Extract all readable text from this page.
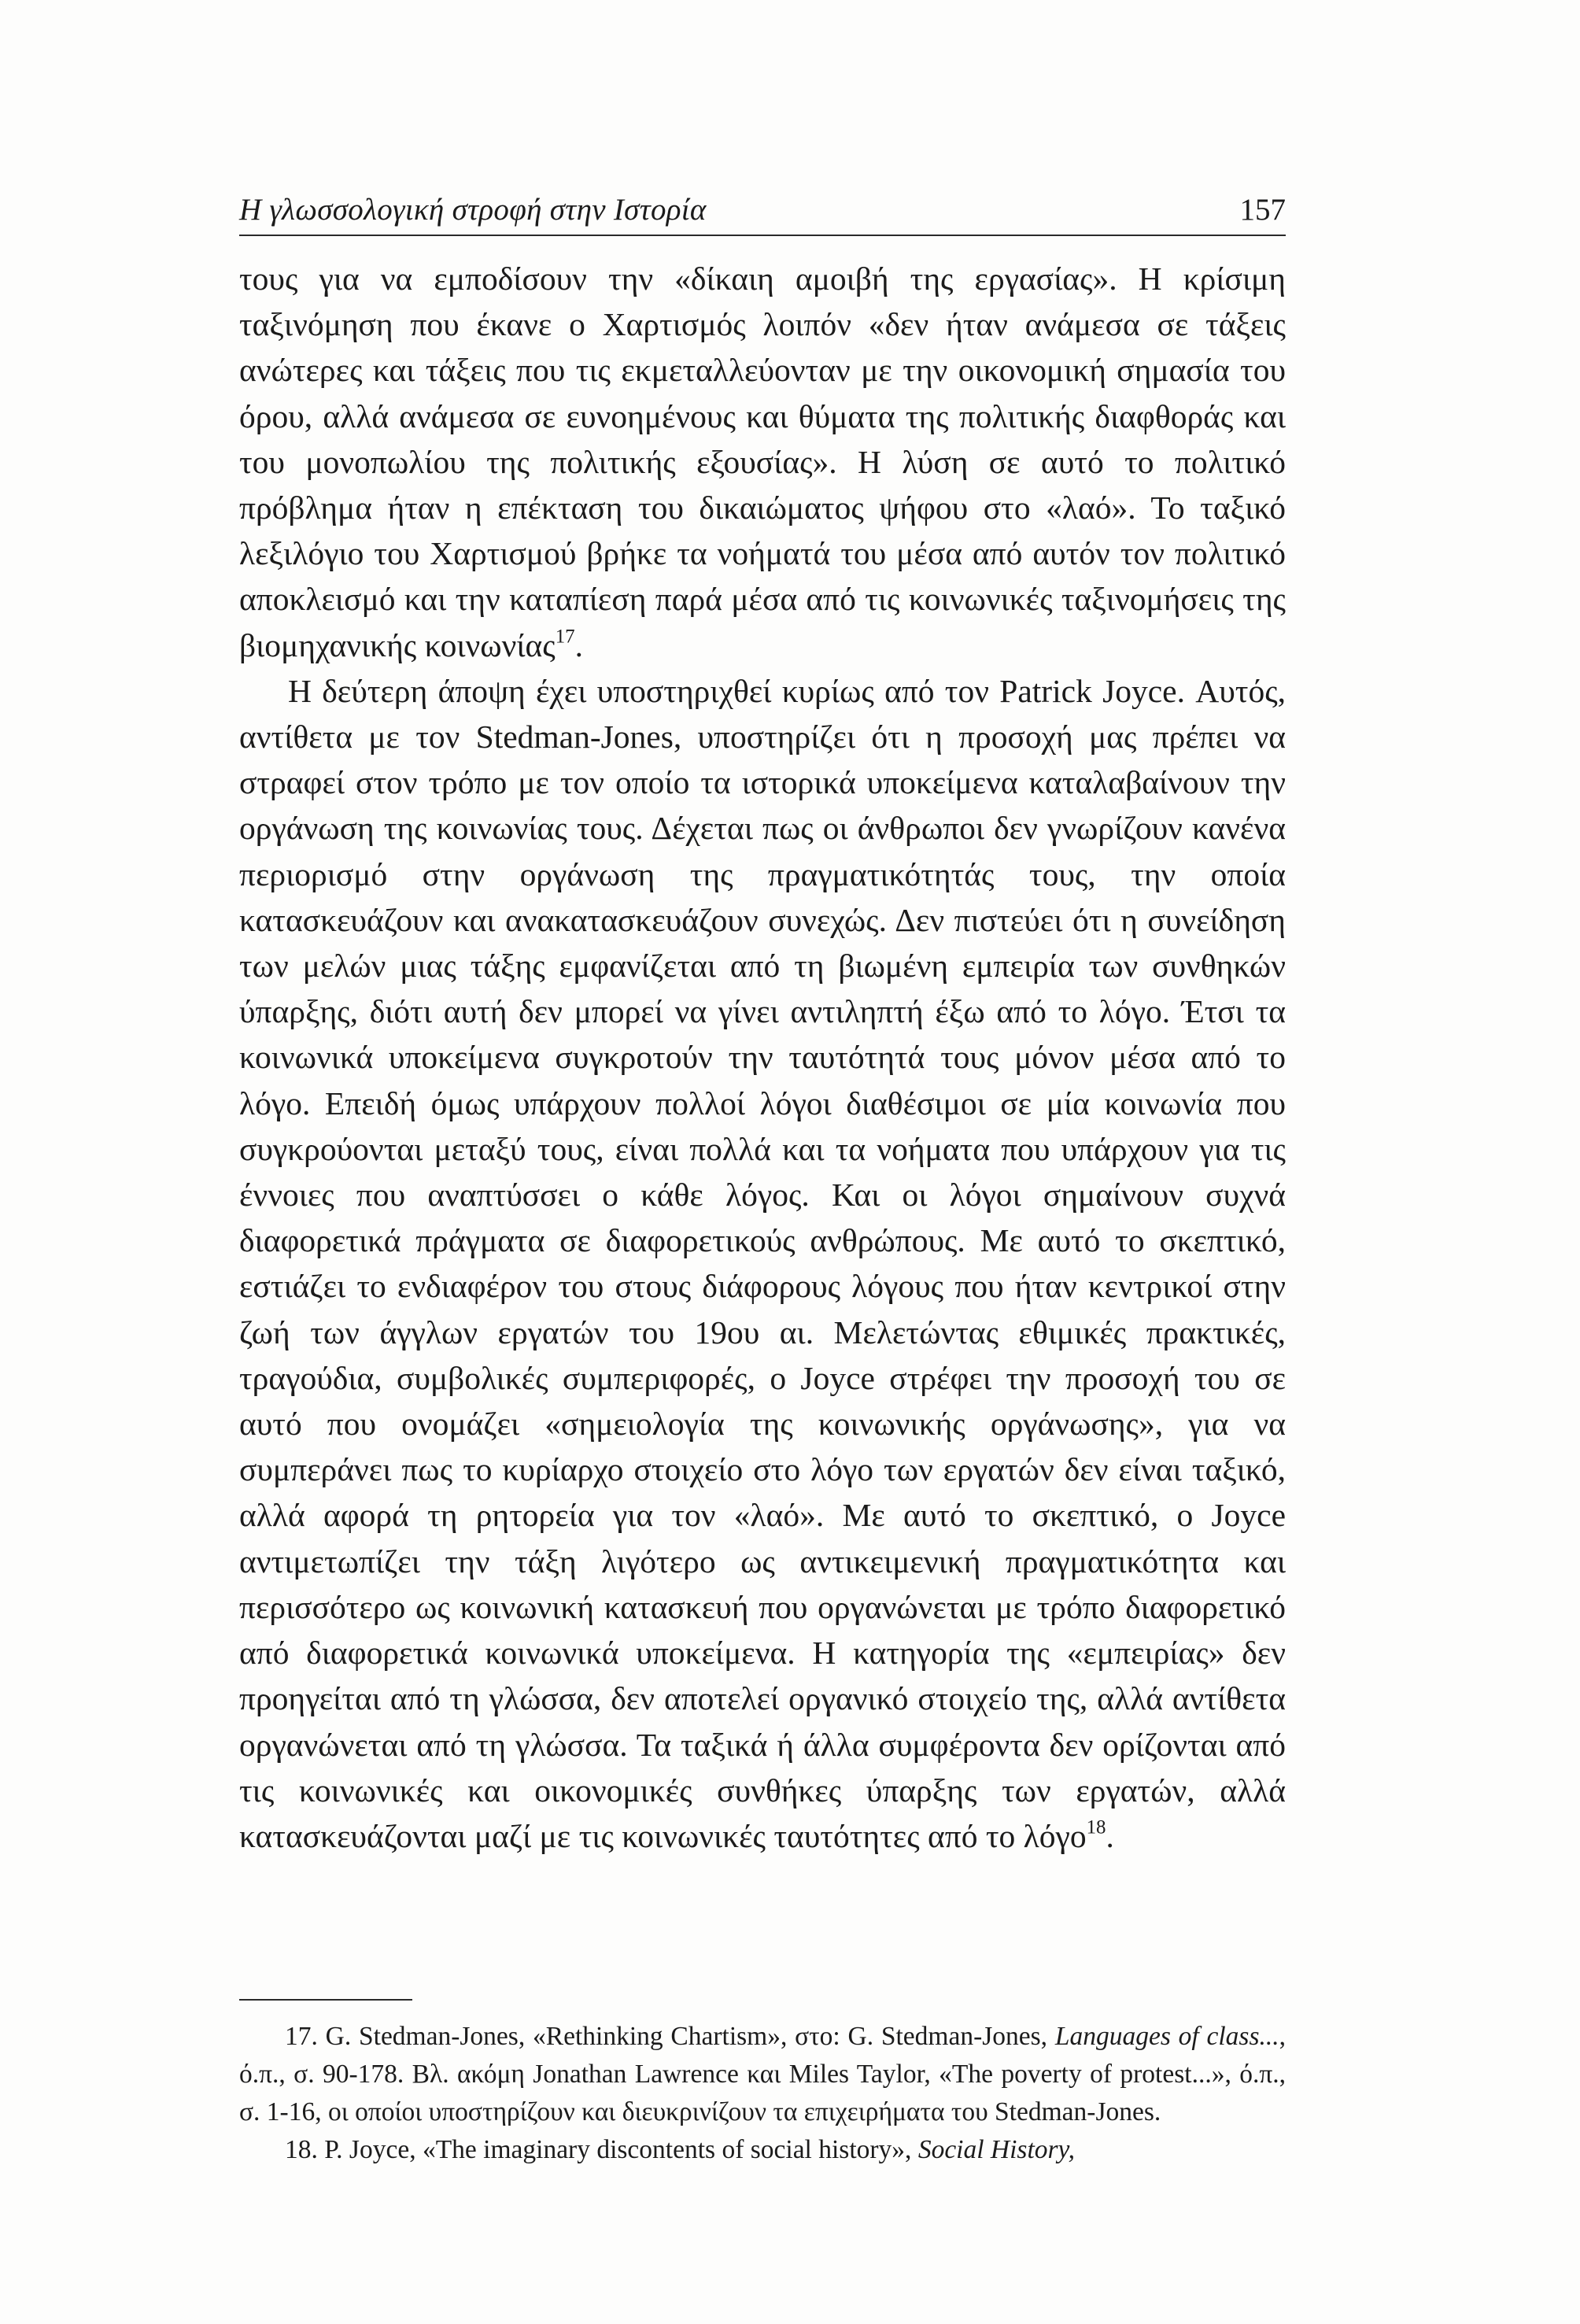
Η γλωσσολογική στροφή στην Ιστορία	157

τους για να εμποδίσουν την «δίκαιη αμοιβή της εργασίας». Η κρίσιμη ταξινόμηση που έκανε ο Χαρτισμός λοιπόν «δεν ήταν ανάμεσα σε τάξεις ανώτερες και τάξεις που τις εκμεταλλεύονταν με την οικονομική σημασία του όρου, αλλά ανάμεσα σε ευνοημένους και θύματα της πολιτικής διαφθοράς και του μονοπωλίου της πολιτικής εξουσίας». Η λύση σε αυτό το πολιτικό πρόβλημα ήταν η επέκταση του δικαιώματος ψήφου στο «λαό». Το ταξικό λεξιλόγιο του Χαρτισμού βρήκε τα νοήματά του μέσα από αυτόν τον πολιτικό αποκλεισμό και την καταπίεση παρά μέσα από τις κοινωνικές ταξινομήσεις της βιομηχανικής κοινωνίας$^{17}$.

Η δεύτερη άποψη έχει υποστηριχθεί κυρίως από τον Patrick Joyce. Αυτός, αντίθετα με τον Stedman-Jones, υποστηρίζει ότι η προσοχή μας πρέπει να στραφεί στον τρόπο με τον οποίο τα ιστορικά υποκείμενα καταλαβαίνουν την οργάνωση της κοινωνίας τους. Δέχεται πως οι άνθρωποι δεν γνωρίζουν κανένα περιορισμό στην οργάνωση της πραγματικότητάς τους, την οποία κατασκευάζουν και ανακατασκευάζουν συνεχώς. Δεν πιστεύει ότι η συνείδηση των μελών μιας τάξης εμφανίζεται από τη βιωμένη εμπειρία των συνθηκών ύπαρξης, διότι αυτή δεν μπορεί να γίνει αντιληπτή έξω από το λόγο. Έτσι τα κοινωνικά υποκείμενα συγκροτούν την ταυτότητά τους μόνον μέσα από το λόγο. Επειδή όμως υπάρχουν πολλοί λόγοι διαθέσιμοι σε μία κοινωνία που συγκρούονται μεταξύ τους, είναι πολλά και τα νοήματα που υπάρχουν για τις έννοιες που αναπτύσσει ο κάθε λόγος. Και οι λόγοι σημαίνουν συχνά διαφορετικά πράγματα σε διαφορετικούς ανθρώπους. Με αυτό το σκεπτικό, εστιάζει το ενδιαφέρον του στους διάφορους λόγους που ήταν κεντρικοί στην ζωή των άγγλων εργατών του 19ου αι. Μελετώντας εθιμικές πρακτικές, τραγούδια, συμβολικές συμπεριφορές, ο Joyce στρέφει την προσοχή του σε αυτό που ονομάζει «σημειολογία της κοινωνικής οργάνωσης», για να συμπεράνει πως το κυρίαρχο στοιχείο στο λόγο των εργατών δεν είναι ταξικό, αλλά αφορά τη ρητορεία για τον «λαό». Με αυτό το σκεπτικό, ο Joyce αντιμετωπίζει την τάξη λιγότερο ως αντικειμενική πραγματικότητα και περισσότερο ως κοινωνική κατασκευή που οργανώνεται με τρόπο διαφορετικό από διαφορετικά κοινωνικά υποκείμενα. Η κατηγορία της «εμπειρίας» δεν προηγείται από τη γλώσσα, δεν αποτελεί οργανικό στοιχείο της, αλλά αντίθετα οργανώνεται από τη γλώσσα. Τα ταξικά ή άλλα συμφέροντα δεν ορίζονται από τις κοινωνικές και οικονομικές συνθήκες ύπαρξης των εργατών, αλλά κατασκευάζονται μαζί με τις κοινωνικές ταυτότητες από το λόγο$^{18}$.

17. G. Stedman-Jones, «Rethinking Chartism», στο: G. Stedman-Jones, Languages of class..., ό.π., σ. 90-178. Βλ. ακόμη Jonathan Lawrence και Miles Taylor, «The poverty of protest...», ό.π., σ. 1-16, οι οποίοι υποστηρίζουν και διευκρινίζουν τα επιχειρήματα του Stedman-Jones.

18. P. Joyce, «The imaginary discontents of social history», Social History,
